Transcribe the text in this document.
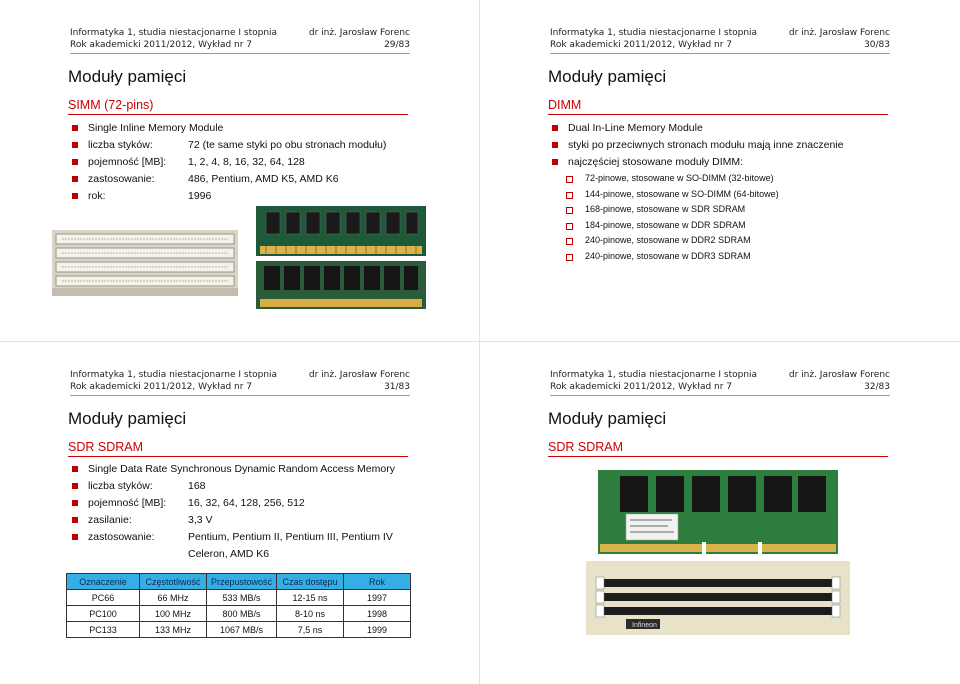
Informatyka 1, studia niestacjonarne I stopnia	dr inż. Jarosław Forenc
Rok akademicki 2011/2012, Wykład nr 7	29/83
Moduły pamięci
SIMM (72-pins)
Single Inline Memory Module
liczba styków:	72 (te same styki po obu stronach modułu)
pojemność [MB]:	1, 2, 4, 8, 16, 32, 64, 128
zastosowanie:	486, Pentium, AMD K5, AMD K6
rok:	1996
Informatyka 1, studia niestacjonarne I stopnia	dr inż. Jarosław Forenc
Rok akademicki 2011/2012, Wykład nr 7	30/83
Moduły pamięci
DIMM
Dual In-Line Memory Module
styki po przeciwnych stronach modułu mają inne znaczenie
najczęściej stosowane moduły DIMM:
72-pinowe, stosowane w SO-DIMM (32-bitowe)
144-pinowe, stosowane w SO-DIMM (64-bitowe)
168-pinowe, stosowane w SDR SDRAM
184-pinowe, stosowane w DDR SDRAM
240-pinowe, stosowane w DDR2 SDRAM
240-pinowe, stosowane w DDR3 SDRAM
Informatyka 1, studia niestacjonarne I stopnia	dr inż. Jarosław Forenc
Rok akademicki 2011/2012, Wykład nr 7	31/83
Moduły pamięci
SDR SDRAM
Single Data Rate Synchronous Dynamic Random Access Memory
liczba styków:	168
pojemność [MB]:	16, 32, 64, 128, 256, 512
zasilanie:	3,3 V
zastosowanie:	Pentium, Pentium II, Pentium III, Pentium IV
Celeron, AMD K6
Oznaczenie	Częstotliwość	Przepustowość	Czas dostępu	Rok
PC66	66 MHz	533 MB/s	12-15 ns	1997
PC100	100 MHz	800 MB/s	8-10 ns	1998
PC133	133 MHz	1067 MB/s	7,5 ns	1999
Informatyka 1, studia niestacjonarne I stopnia	dr inż. Jarosław Forenc
Rok akademicki 2011/2012, Wykład nr 7	32/83
Moduły pamięci
SDR SDRAM
Infineon
